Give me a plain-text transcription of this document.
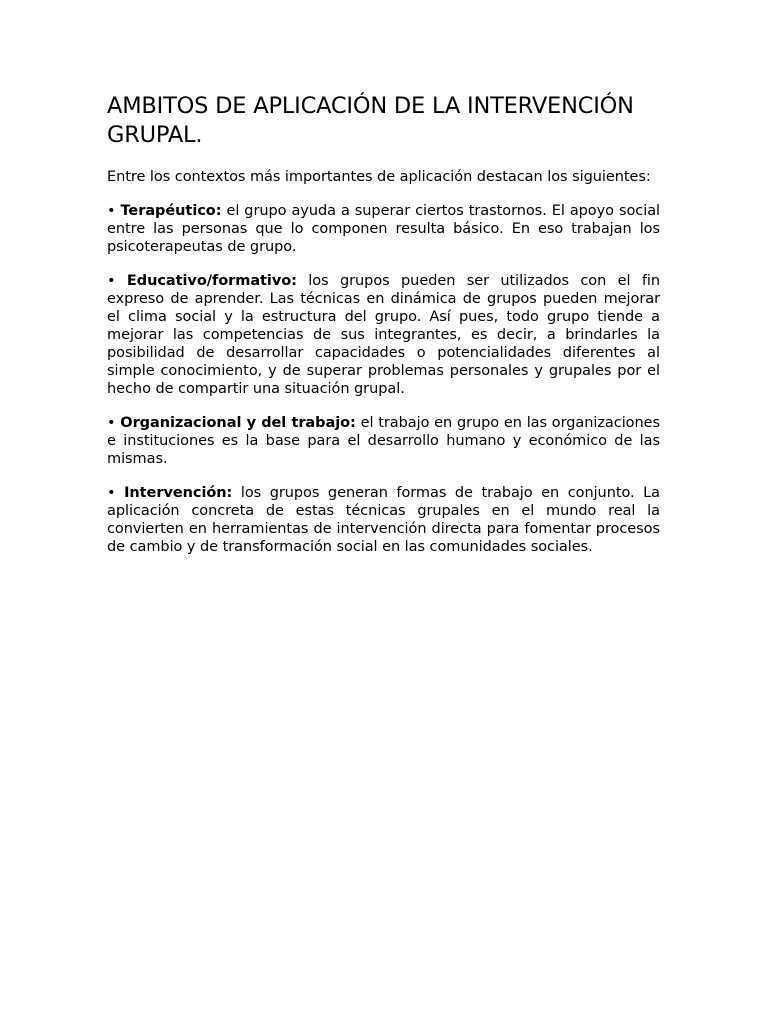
AMBITOS DE APLICACIÓN DE LA INTERVENCIÓN GRUPAL.

Entre los contextos más importantes de aplicación destacan los siguientes:

• Terapéutico: el grupo ayuda a superar ciertos trastornos. El apoyo social entre las personas que lo componen resulta básico. En eso trabajan los psicoterapeutas de grupo.

• Educativo/formativo: los grupos pueden ser utilizados con el fin expreso de aprender. Las técnicas en dinámica de grupos pueden mejorar el clima social y la estructura del grupo. Así pues, todo grupo tiende a mejorar las competencias de sus integrantes, es decir, a brindarles la posibilidad de desarrollar capacidades o potencialidades diferentes al simple conocimiento, y de superar problemas personales y grupales por el hecho de compartir una situación grupal.

• Organizacional y del trabajo: el trabajo en grupo en las organizaciones e instituciones es la base para el desarrollo humano y económico de las mismas.

• Intervención: los grupos generan formas de trabajo en conjunto. La aplicación concreta de estas técnicas grupales en el mundo real la convierten en herramientas de intervención directa para fomentar procesos de cambio y de transformación social en las comunidades sociales.
